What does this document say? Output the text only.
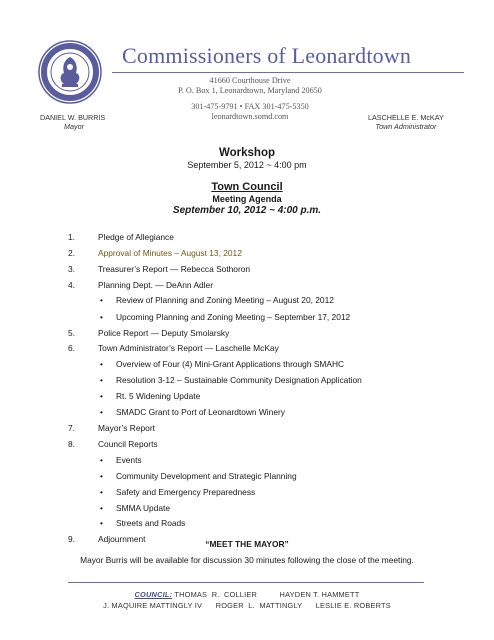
Commissioners of Leonardtown
41660 Courthouse Drive
P. O. Box 1, Leonardtown, Maryland 20650
301-475-9791 • FAX 301-475-5350
leonardtown.somd.com
DANIEL W. BURRIS
Mayor
LASCHELLE E. McKAY
Town Administrator
Workshop
September 5, 2012 ~ 4:00 pm
Town Council
Meeting Agenda
September 10, 2012 ~ 4:00 p.m.
1.	Pledge of Allegiance
2.	Approval of Minutes – August 13, 2012
3.	Treasurer’s Report — Rebecca Sothoron
4.	Planning Dept. — DeAnn Adler
• Review of Planning and Zoning Meeting – August 20, 2012
• Upcoming Planning and Zoning Meeting – September 17, 2012
5.	Police Report — Deputy Smolarsky
6.	Town Administrator’s Report — Laschelle McKay
• Overview of Four (4) Mini-Grant Applications through SMAHC
• Resolution 3-12 – Sustainable Community Designation Application
• Rt. 5 Widening Update
• SMADC Grant to Port of Leonardtown Winery
7.	Mayor’s Report
8.	Council Reports
• Events
• Community Development and Strategic Planning
• Safety and Emergency Preparedness
• SMMA Update
• Streets and Roads
9.	Adjournment	“MEET THE MAYOR”
Mayor Burris will be available for discussion 30 minutes following the close of the meeting.
COUNCIL: THOMAS  R.  COLLIER          HAYDEN T. HAMMETT
J. MAQUIRE MATTINGLY IV      ROGER  L.  MATTINGLY      LESLIE E. ROBERTS
